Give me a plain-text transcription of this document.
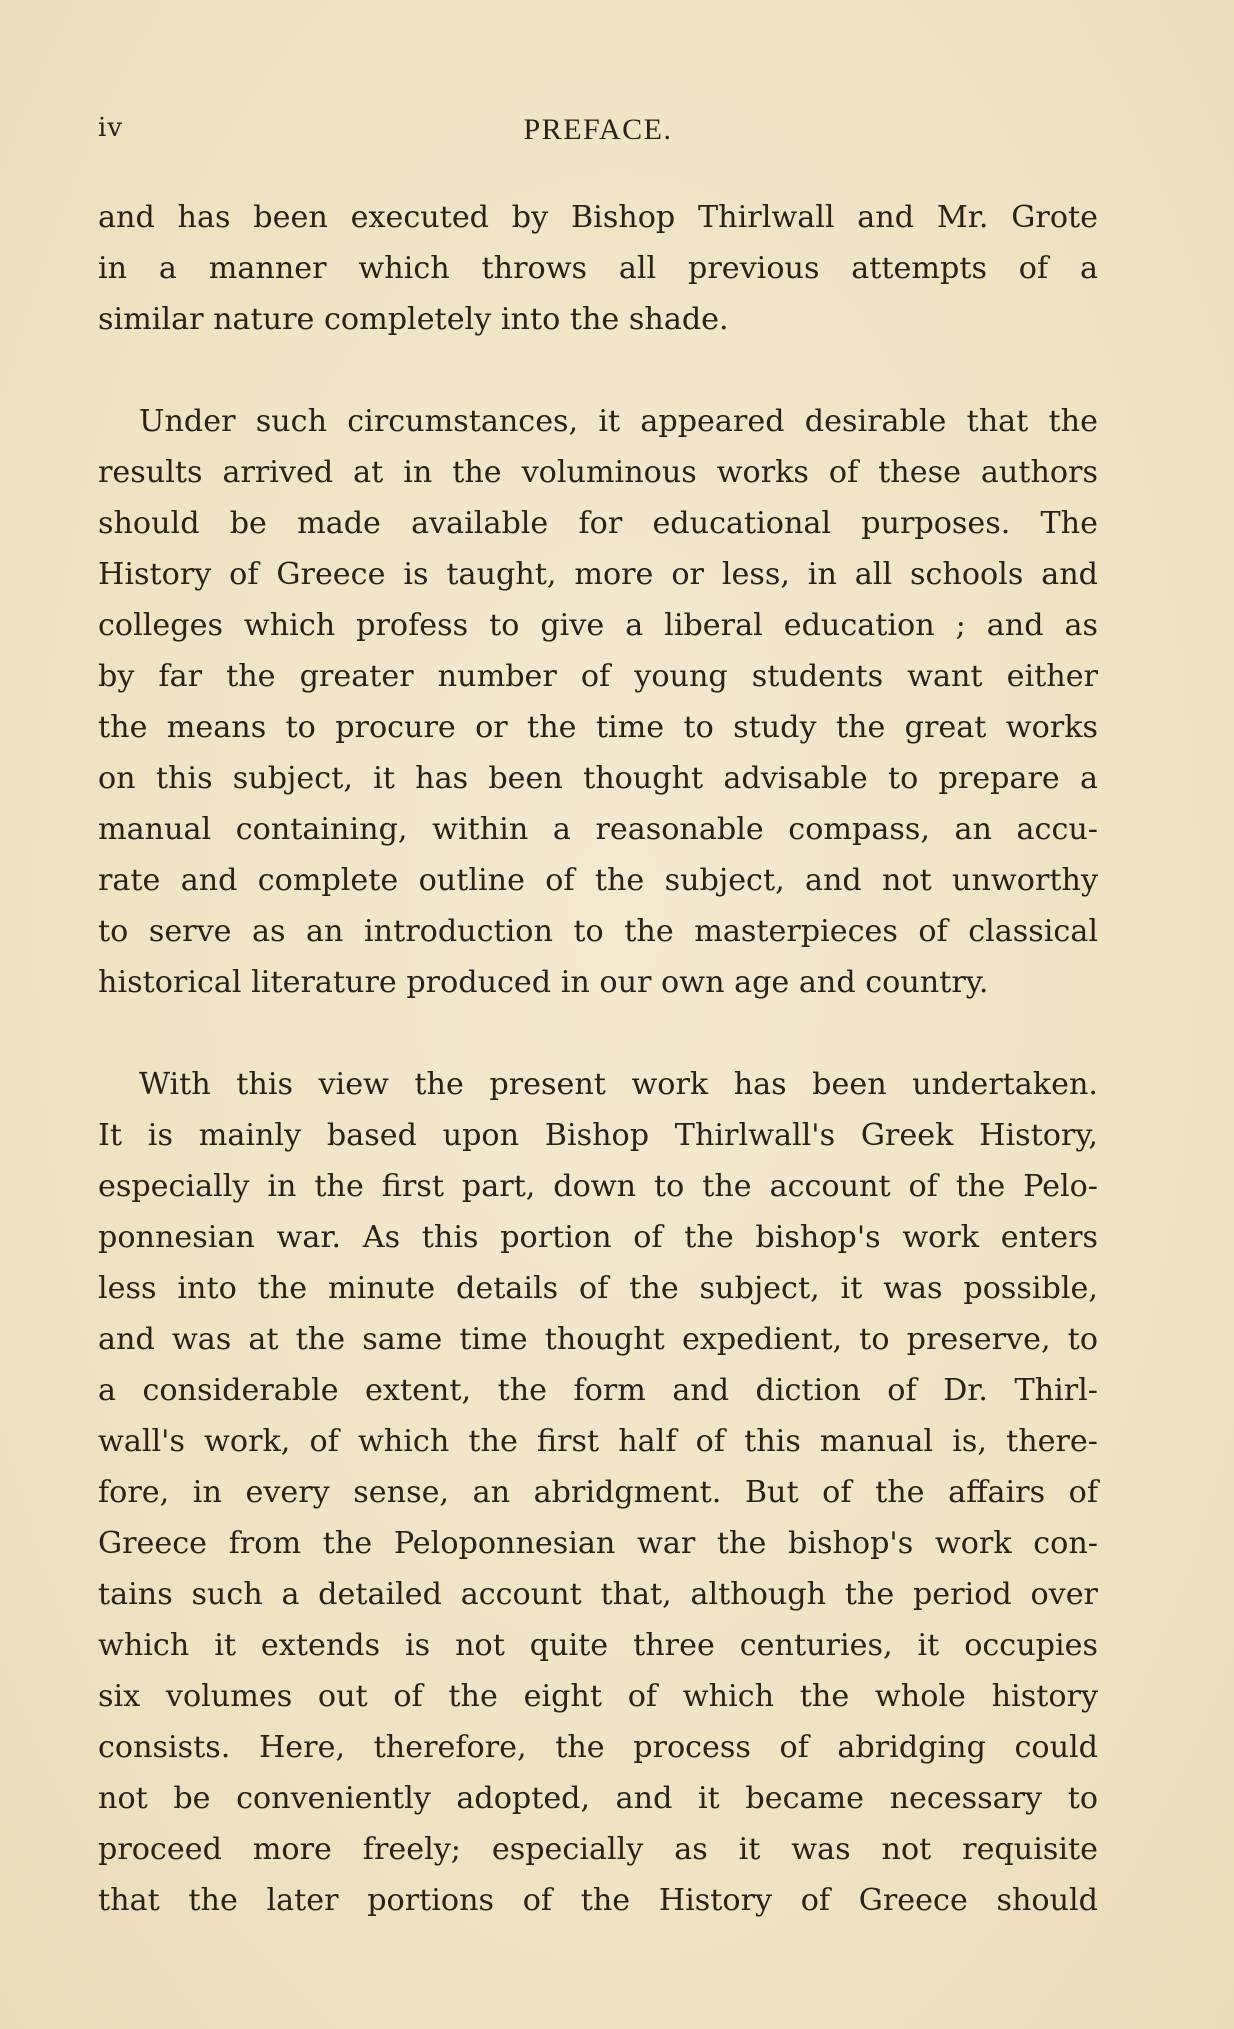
iv	PREFACE.
and has been executed by Bishop Thirlwall and Mr. Grote
in a manner which throws all previous attempts of a
similar nature completely into the shade.
Under such circumstances, it appeared desirable that the
results arrived at in the voluminous works of these authors
should be made available for educational purposes. The
History of Greece is taught, more or less, in all schools and
colleges which profess to give a liberal education ; and as
by far the greater number of young students want either
the means to procure or the time to study the great works
on this subject, it has been thought advisable to prepare a
manual containing, within a reasonable compass, an accu-
rate and complete outline of the subject, and not unworthy
to serve as an introduction to the masterpieces of classical
historical literature produced in our own age and country.
With this view the present work has been undertaken.
It is mainly based upon Bishop Thirlwall's Greek History,
especially in the first part, down to the account of the Pelo-
ponnesian war. As this portion of the bishop's work enters
less into the minute details of the subject, it was possible,
and was at the same time thought expedient, to preserve, to
a considerable extent, the form and diction of Dr. Thirl-
wall's work, of which the first half of this manual is, there-
fore, in every sense, an abridgment. But of the affairs of
Greece from the Peloponnesian war the bishop's work con-
tains such a detailed account that, although the period over
which it extends is not quite three centuries, it occupies
six volumes out of the eight of which the whole history
consists. Here, therefore, the process of abridging could
not be conveniently adopted, and it became necessary to
proceed more freely; especially as it was not requisite
that the later portions of the History of Greece should
